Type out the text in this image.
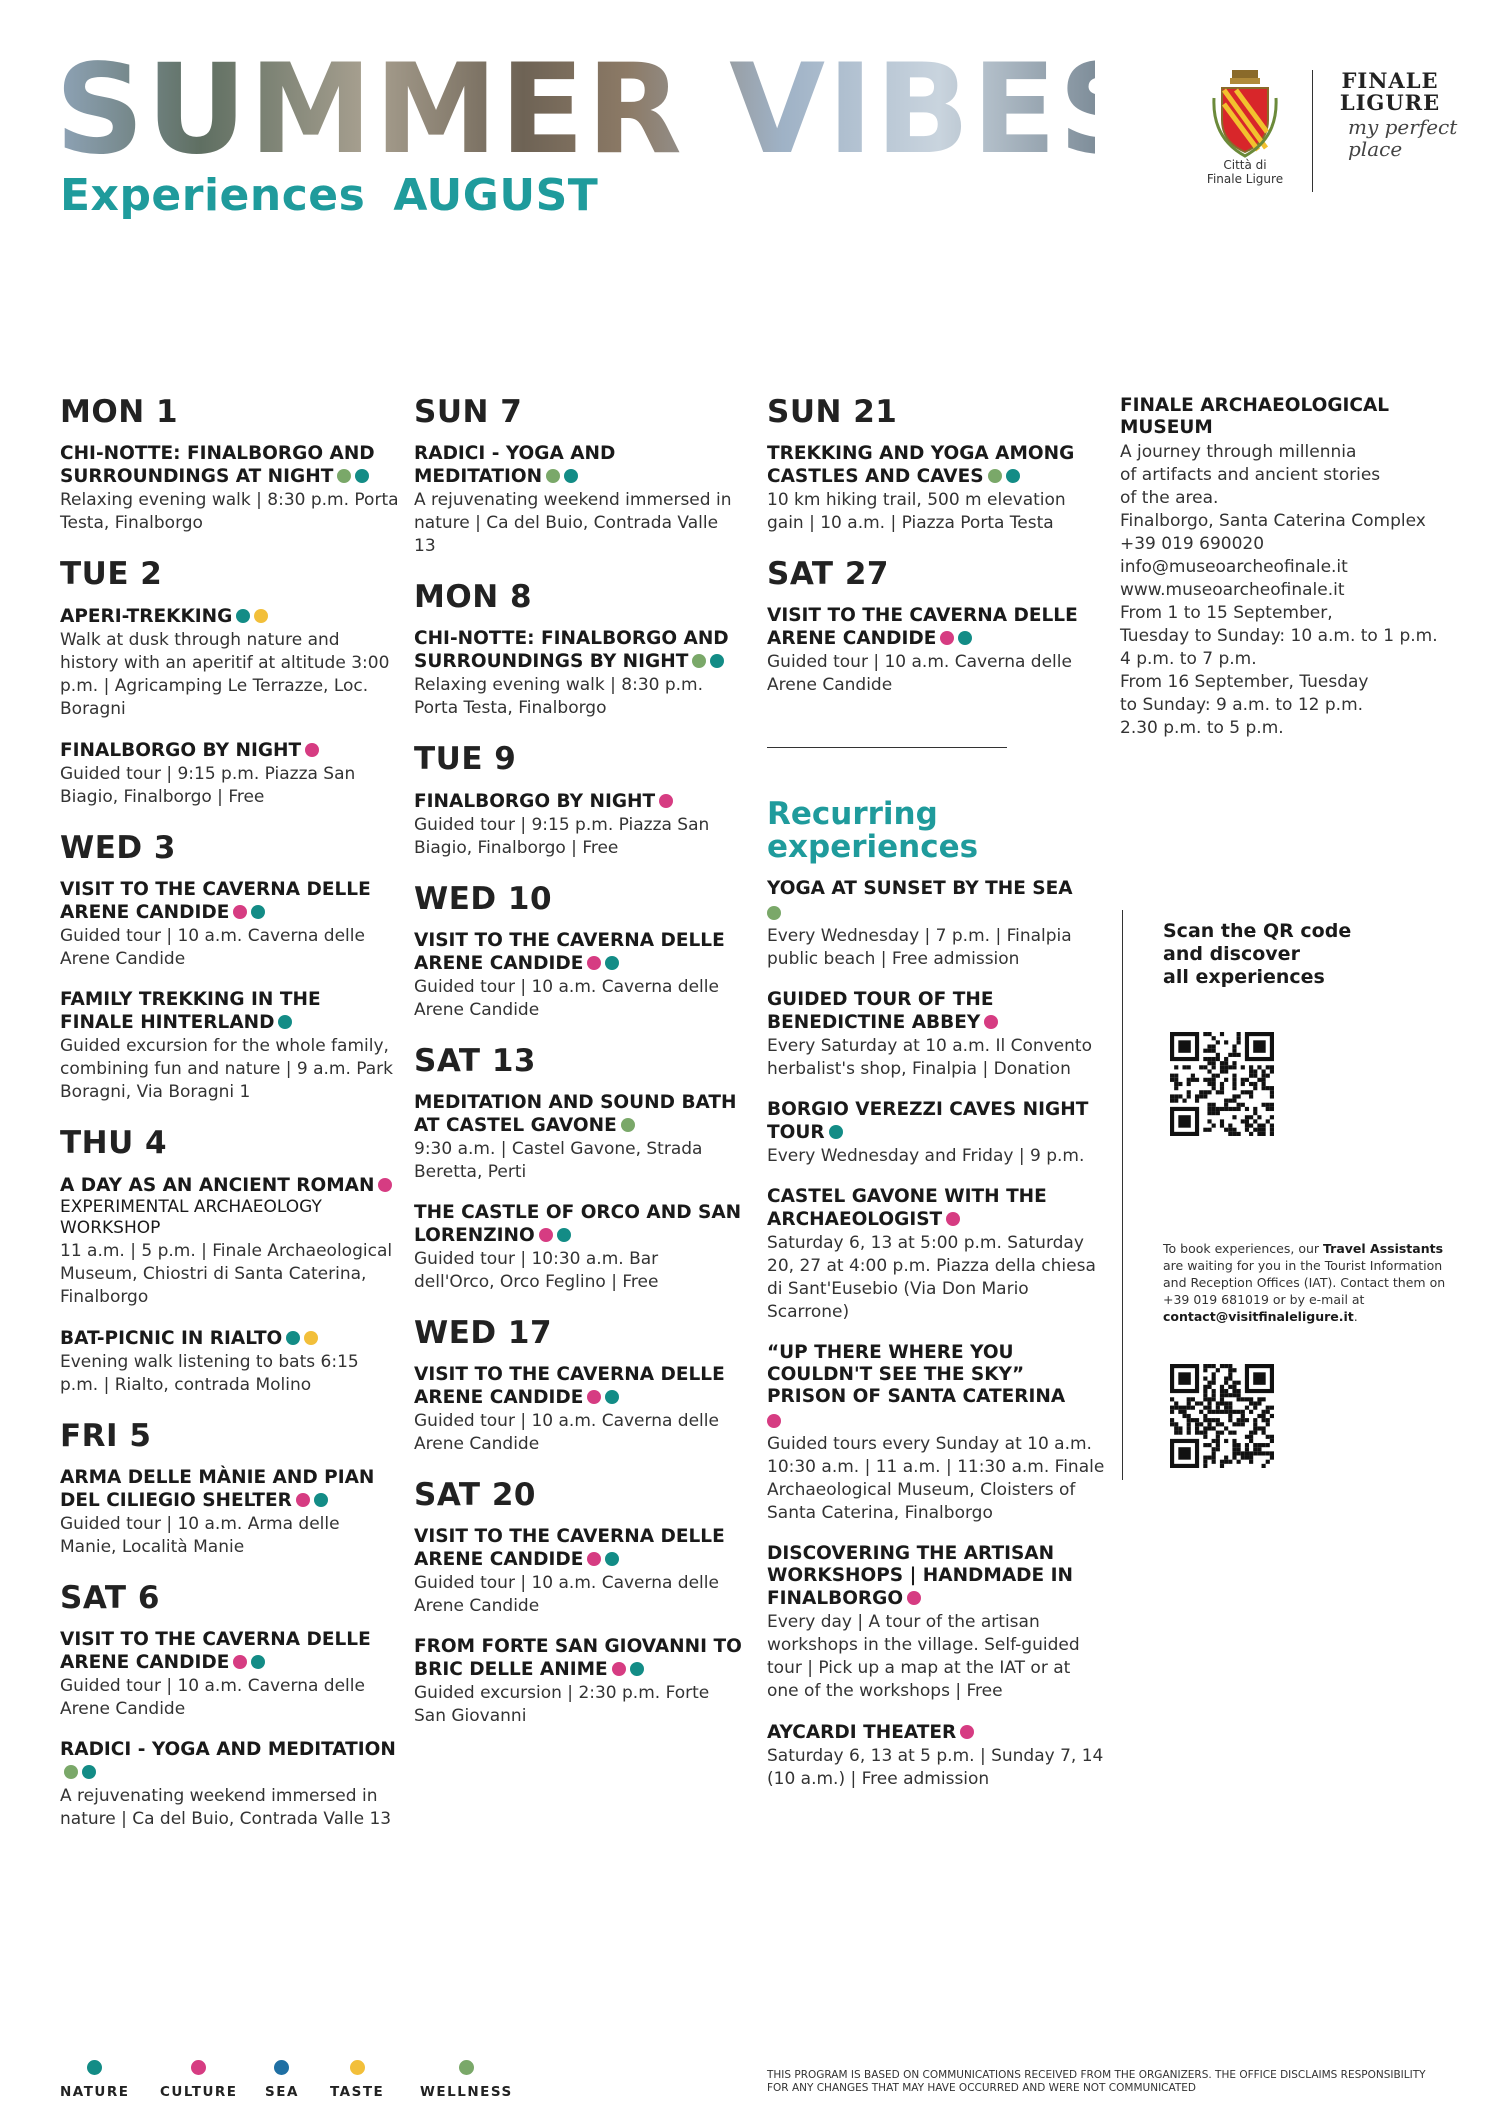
SUMMER VIBES
Experiences AUGUST
Città di
Finale Ligure
FINALE
LIGURE
my perfect place
MON 1
CHI-NOTTE: FINALBORGO AND SURROUNDINGS AT NIGHT
Relaxing evening walk | 8:30 p.m. Porta Testa, Finalborgo
TUE 2
APERI-TREKKING
Walk at dusk through nature and history with an aperitif at altitude 3:00 p.m. | Agricamping Le Terrazze, Loc. Boragni
FINALBORGO BY NIGHT
Guided tour | 9:15 p.m. Piazza San Biagio, Finalborgo | Free
WED 3
VISIT TO THE CAVERNA DELLE ARENE CANDIDE
Guided tour | 10 a.m. Caverna delle Arene Candide
FAMILY TREKKING IN THE FINALE HINTERLAND
Guided excursion for the whole family, combining fun and nature | 9 a.m. Park Boragni, Via Boragni 1
THU 4
A DAY AS AN ANCIENT ROMAN
EXPERIMENTAL ARCHAEOLOGY WORKSHOP
11 a.m. | 5 p.m. | Finale Archaeological Museum, Chiostri di Santa Caterina, Finalborgo
BAT-PICNIC IN RIALTO
Evening walk listening to bats 6:15 p.m. | Rialto, contrada Molino
FRI 5
ARMA DELLE MÀNIE AND PIAN DEL CILIEGIO SHELTER
Guided tour | 10 a.m. Arma delle Manie, Località Manie
SAT 6
VISIT TO THE CAVERNA DELLE ARENE CANDIDE
Guided tour | 10 a.m. Caverna delle Arene Candide
RADICI - YOGA AND MEDITATION
A rejuvenating weekend immersed in nature | Ca del Buio, Contrada Valle 13
SUN 7
RADICI - YOGA AND MEDITATION
A rejuvenating weekend immersed in nature | Ca del Buio, Contrada Valle 13
MON 8
CHI-NOTTE: FINALBORGO AND SURROUNDINGS BY NIGHT
Relaxing evening walk | 8:30 p.m. Porta Testa, Finalborgo
TUE 9
FINALBORGO BY NIGHT
Guided tour | 9:15 p.m. Piazza San Biagio, Finalborgo | Free
WED 10
VISIT TO THE CAVERNA DELLE ARENE CANDIDE
Guided tour | 10 a.m. Caverna delle Arene Candide
SAT 13
MEDITATION AND SOUND BATH AT CASTEL GAVONE
9:30 a.m. | Castel Gavone, Strada Beretta, Perti
THE CASTLE OF ORCO AND SAN LORENZINO
Guided tour | 10:30 a.m. Bar dell'Orco, Orco Feglino | Free
WED 17
VISIT TO THE CAVERNA DELLE ARENE CANDIDE
Guided tour | 10 a.m. Caverna delle Arene Candide
SAT 20
VISIT TO THE CAVERNA DELLE ARENE CANDIDE
Guided tour | 10 a.m. Caverna delle Arene Candide
FROM FORTE SAN GIOVANNI TO BRIC DELLE ANIME
Guided excursion | 2:30 p.m. Forte San Giovanni
SUN 21
TREKKING AND YOGA AMONG CASTLES AND CAVES
10 km hiking trail, 500 m elevation gain | 10 a.m. | Piazza Porta Testa
SAT 27
VISIT TO THE CAVERNA DELLE ARENE CANDIDE
Guided tour | 10 a.m. Caverna delle Arene Candide
Recurring experiences
YOGA AT SUNSET BY THE SEA
Every Wednesday | 7 p.m. | Finalpia public beach | Free admission
GUIDED TOUR OF THE BENEDICTINE ABBEY
Every Saturday at 10 a.m. Il Convento herbalist's shop, Finalpia | Donation
BORGIO VEREZZI CAVES NIGHT TOUR
Every Wednesday and Friday | 9 p.m.
CASTEL GAVONE WITH THE ARCHAEOLOGIST
Saturday 6, 13 at 5:00 p.m. Saturday 20, 27 at 4:00 p.m. Piazza della chiesa di Sant'Eusebio (Via Don Mario Scarrone)
“UP THERE WHERE YOU COULDN'T SEE THE SKY” PRISON OF SANTA CATERINA
Guided tours every Sunday at 10 a.m. 10:30 a.m. | 11 a.m. | 11:30 a.m. Finale Archaeological Museum, Cloisters of Santa Caterina, Finalborgo
DISCOVERING THE ARTISAN WORKSHOPS | HANDMADE IN FINALBORGO
Every day | A tour of the artisan workshops in the village. Self-guided tour | Pick up a map at the IAT or at one of the workshops | Free
AYCARDI THEATER
Saturday 6, 13 at 5 p.m. | Sunday 7, 14 (10 a.m.) | Free admission
FINALE ARCHAEOLOGICAL MUSEUM
A journey through millennia
of artifacts and ancient stories
of the area.
Finalborgo, Santa Caterina Complex
+39 019 690020
info@museoarcheofinale.it
www.museoarcheofinale.it
From 1 to 15 September,
Tuesday to Sunday: 10 a.m. to 1 p.m.
4 p.m. to 7 p.m.
From 16 September, Tuesday
to Sunday: 9 a.m. to 12 p.m.
2.30 p.m. to 5 p.m.
Scan the QR code
and discover
all experiences
To book experiences, our Travel Assistants are waiting for you in the Tourist Information and Reception Offices (IAT). Contact them on +39 019 681019 or by e-mail at contact@visitfinaleligure.it.
NATURE CULTURE SEA TASTE	WELLNESS
THIS PROGRAM IS BASED ON COMMUNICATIONS RECEIVED FROM THE ORGANIZERS. THE OFFICE DISCLAIMS RESPONSIBILITY FOR ANY CHANGES THAT MAY HAVE OCCURRED AND WERE NOT COMMUNICATED
